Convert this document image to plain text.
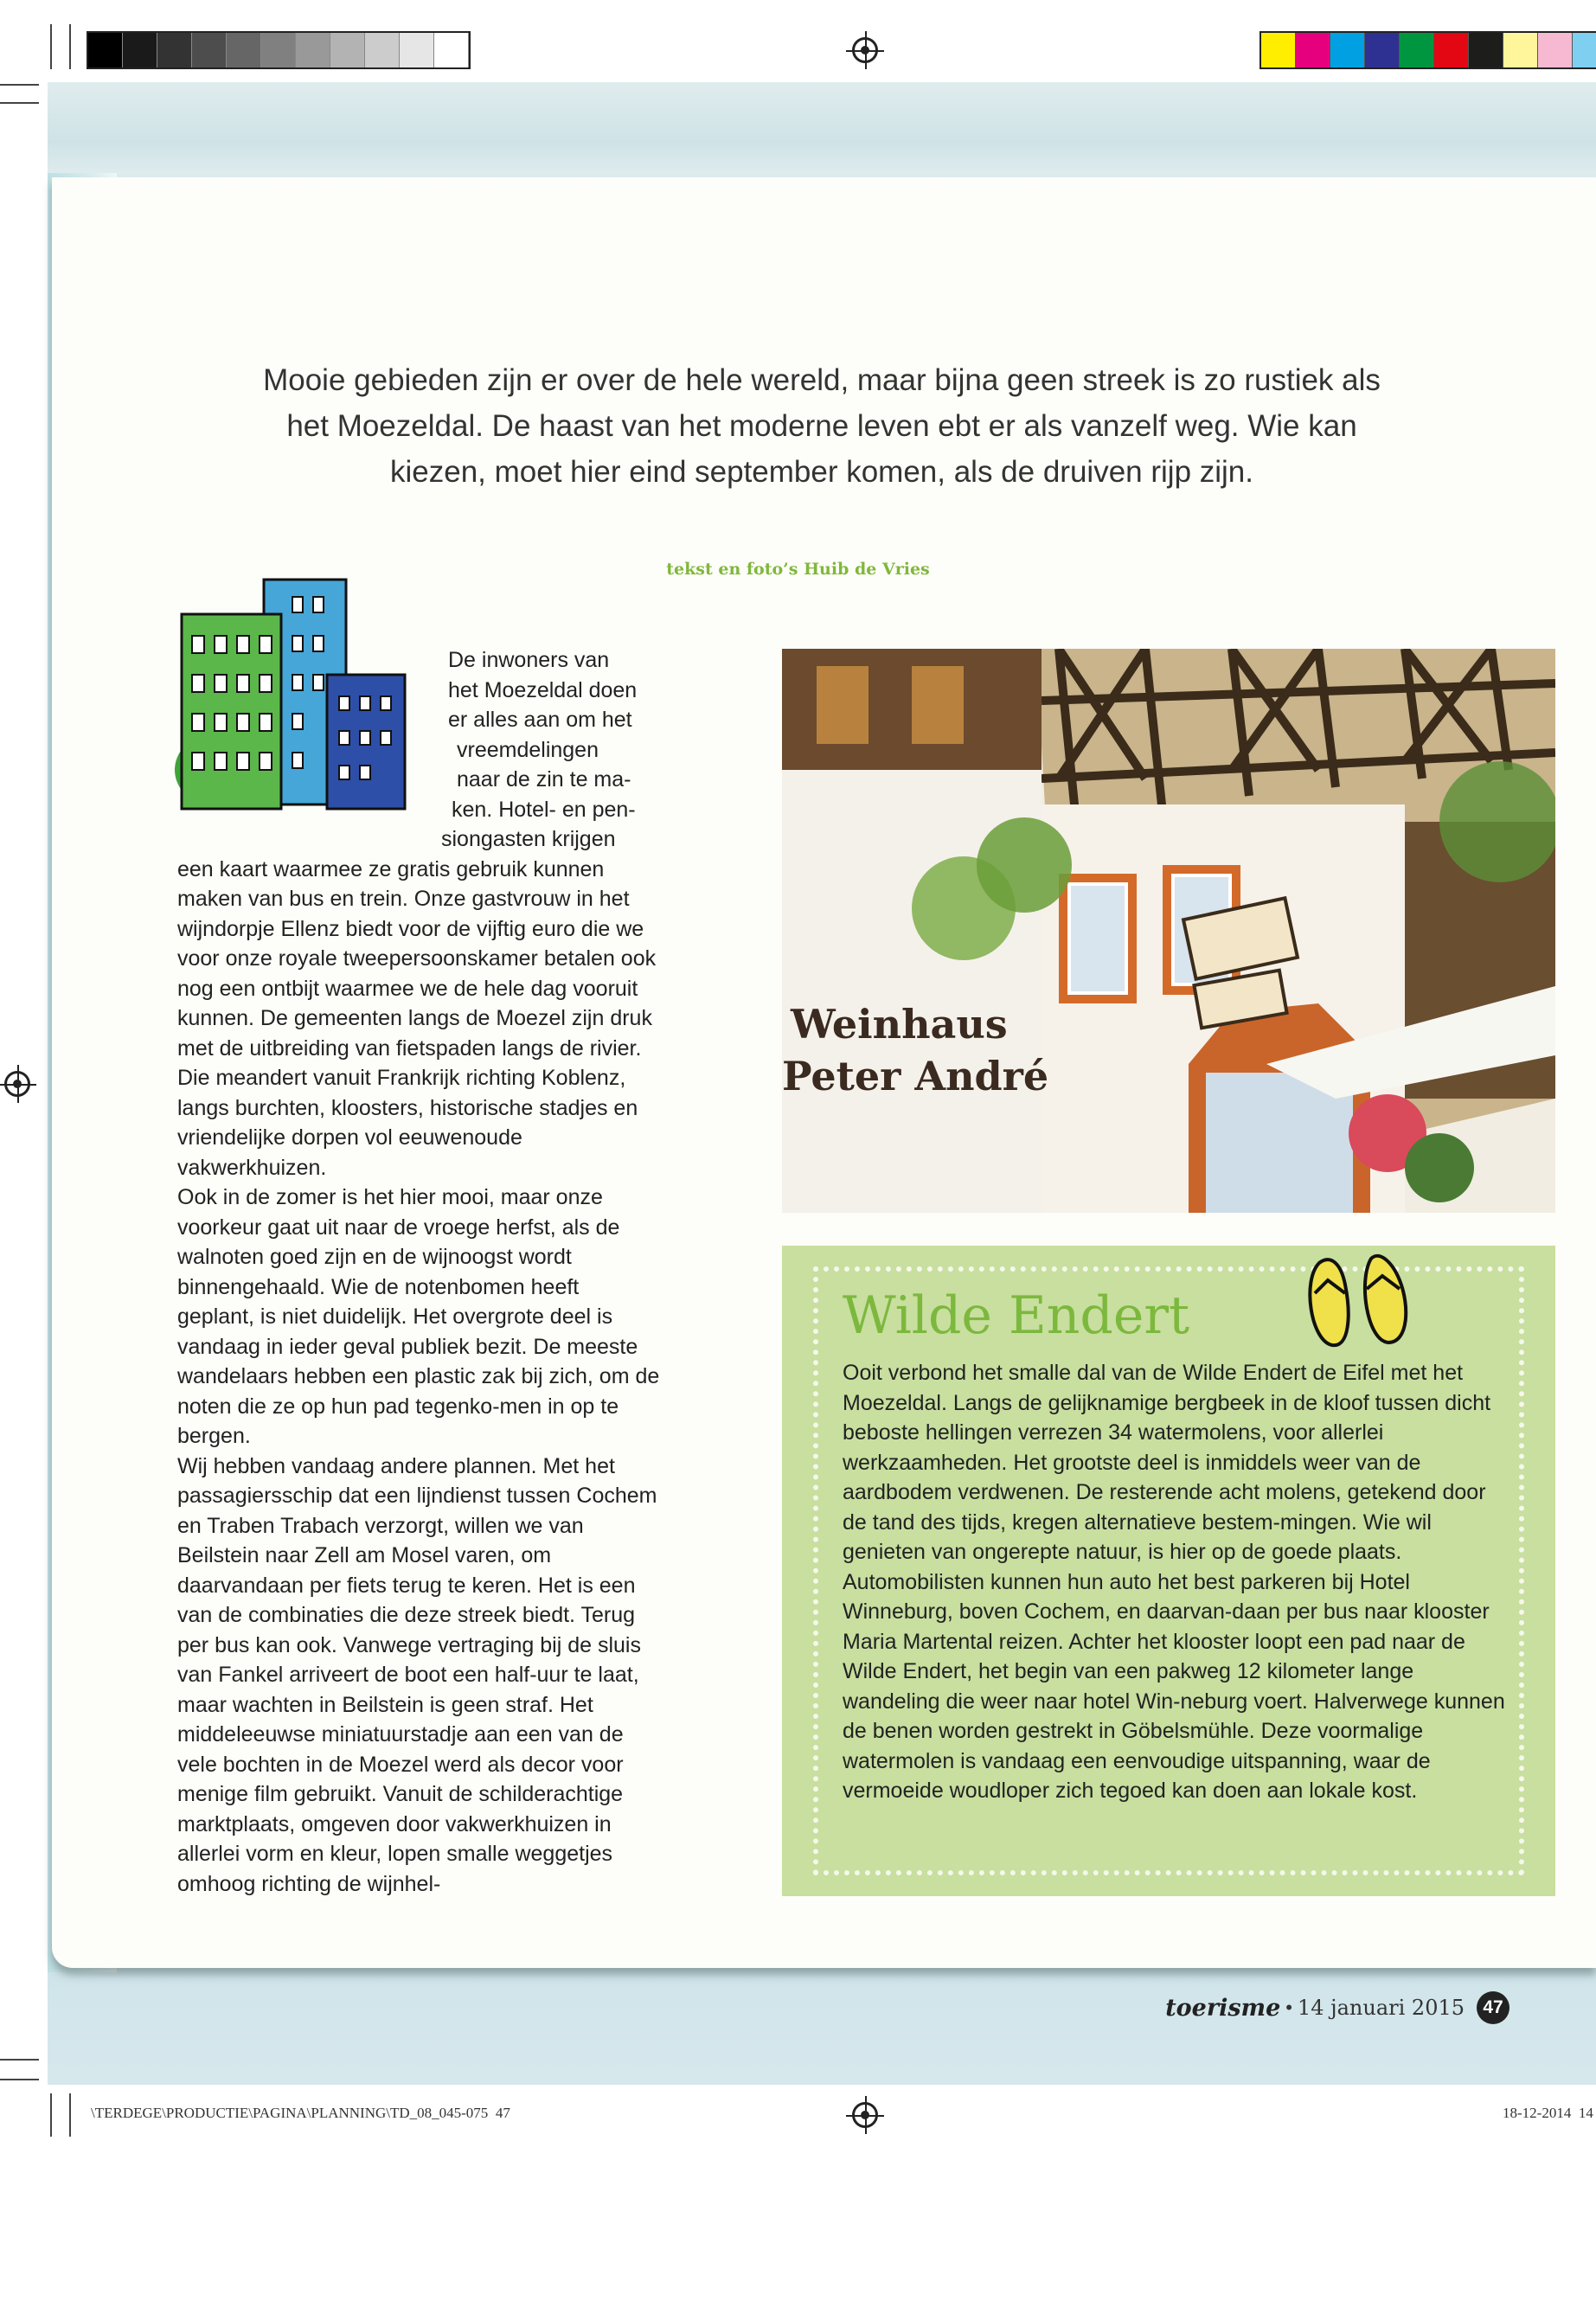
Mooie gebieden zijn er over de hele wereld, maar bijna geen streek is zo rustiek als het Moezeldal. De haast van het moderne leven ebt er als vanzelf weg. Wie kan kiezen, moet hier eind september komen, als de druiven rijp zijn.
tekst en foto’s Huib de Vries
De inwoners van
het Moezeldal doen
er alles aan om het
vreemdelingen
naar de zin te ma-
ken. Hotel- en pen-
siongasten krijgen

een kaart waarmee ze gratis gebruik kunnen maken van bus en trein. Onze gastvrouw in het wijndorpje Ellenz biedt voor de vijftig euro die we voor onze royale tweepersoonskamer betalen ook nog een ontbijt waarmee we de hele dag vooruit kunnen. De gemeenten langs de Moezel zijn druk met de uitbreiding van fietspaden langs de rivier. Die meandert vanuit Frankrijk richting Koblenz, langs burchten, kloosters, historische stadjes en vriendelijke dorpen vol eeuwenoude vakwerkhuizen.

Ook in de zomer is het hier mooi, maar onze voorkeur gaat uit naar de vroege herfst, als de walnoten goed zijn en de wijnoogst wordt binnengehaald. Wie de notenbomen heeft geplant, is niet duidelijk. Het overgrote deel is vandaag in ieder geval publiek bezit. De meeste wandelaars hebben een plastic zak bij zich, om de noten die ze op hun pad tegenko-men in op te bergen.

Wij hebben vandaag andere plannen. Met het passagiersschip dat een lijndienst tussen Cochem en Traben Trabach verzorgt, willen we van Beilstein naar Zell am Mosel varen, om daarvandaan per fiets terug te keren. Het is een van de combinaties die deze streek biedt. Terug per bus kan ook. Vanwege vertraging bij de sluis van Fankel arriveert de boot een half-uur te laat, maar wachten in Beilstein is geen straf. Het middeleeuwse miniatuurstadje aan een van de vele bochten in de Moezel werd als decor voor menige film gebruikt. Vanuit de schilderachtige marktplaats, omgeven door vakwerkhuizen in allerlei vorm en kleur, lopen smalle weggetjes omhoog richting de wijnhel-

Weinhaus
Peter André
Wilde Endert
Ooit verbond het smalle dal van de Wilde Endert de Eifel met het Moezeldal. Langs de gelijknamige bergbeek in de kloof tussen dicht beboste hellingen verrezen 34 watermolens, voor allerlei werkzaamheden. Het grootste deel is inmiddels weer van de aardbodem verdwenen. De resterende acht molens, getekend door de tand des tijds, kregen alternatieve bestem-mingen. Wie wil genieten van ongerepte natuur, is hier op de goede plaats. Automobilisten kunnen hun auto het best parkeren bij Hotel Winneburg, boven Cochem, en daarvan-daan per bus naar klooster Maria Martental reizen. Achter het klooster loopt een pad naar de Wilde Endert, het begin van een pakweg 12 kilometer lange wandeling die weer naar hotel Win-neburg voert. Halverwege kunnen de benen worden gestrekt in Göbelsmühle. Deze voormalige watermolen is vandaag een eenvoudige uitspanning, waar de vermoeide woudloper zich tegoed kan doen aan lokale kost.
toerisme • 14 januari 2015	47
\TERDEGE\PRODUCTIE\PAGINA\PLANNING\TD_08_045-075 47	18-12-2014 14
